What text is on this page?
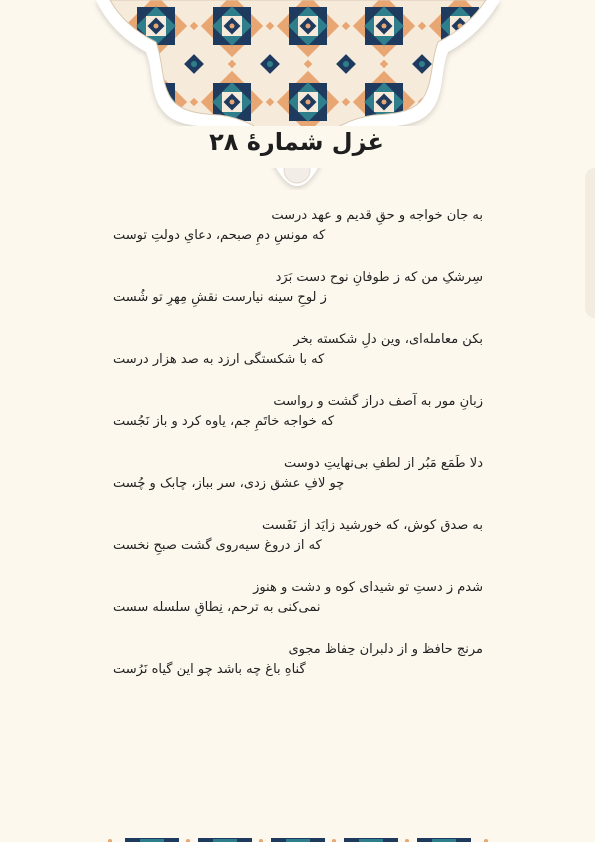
غزل شمارهٔ ۲۸
به جان خواجه و حقِ قدیم و عهد درست
که مونسِ دمِ صبحم، دعایِ دولتِ توست
سِرشکِ من که ز طوفانِ نوح دست بَرَد
ز لوحِ سینه نیارست نقشِ مِهرِ تو شُست
بکن معامله‌ای، وین دلِ شکسته بخر
که با شکستگی ارزد به صد هزار درست
زبانِ مور به آصف دراز گشت و رواست
که خواجه خاتَمِ جم، یاوه کرد و باز نَجُست
دلا طَمَع مَبُر از لطفِ بی‌نهایتِ دوست
چو لافِ عشق زدی، سر بباز، چابک و چُست
به صدق کوش، که خورشید زایَد از نَفَست
که از دروغ سیه‌روی گشت صبحِ نخست
شدم ز دستِ تو شیدای کوه و دشت و هنوز
نمی‌کنی به ترحم، نِطاقِ سلسله سست
مرنج حافظ و از دلبران حِفاظ مجوی
گناهِ باغ چه باشد چو این گیاه نَرُست
